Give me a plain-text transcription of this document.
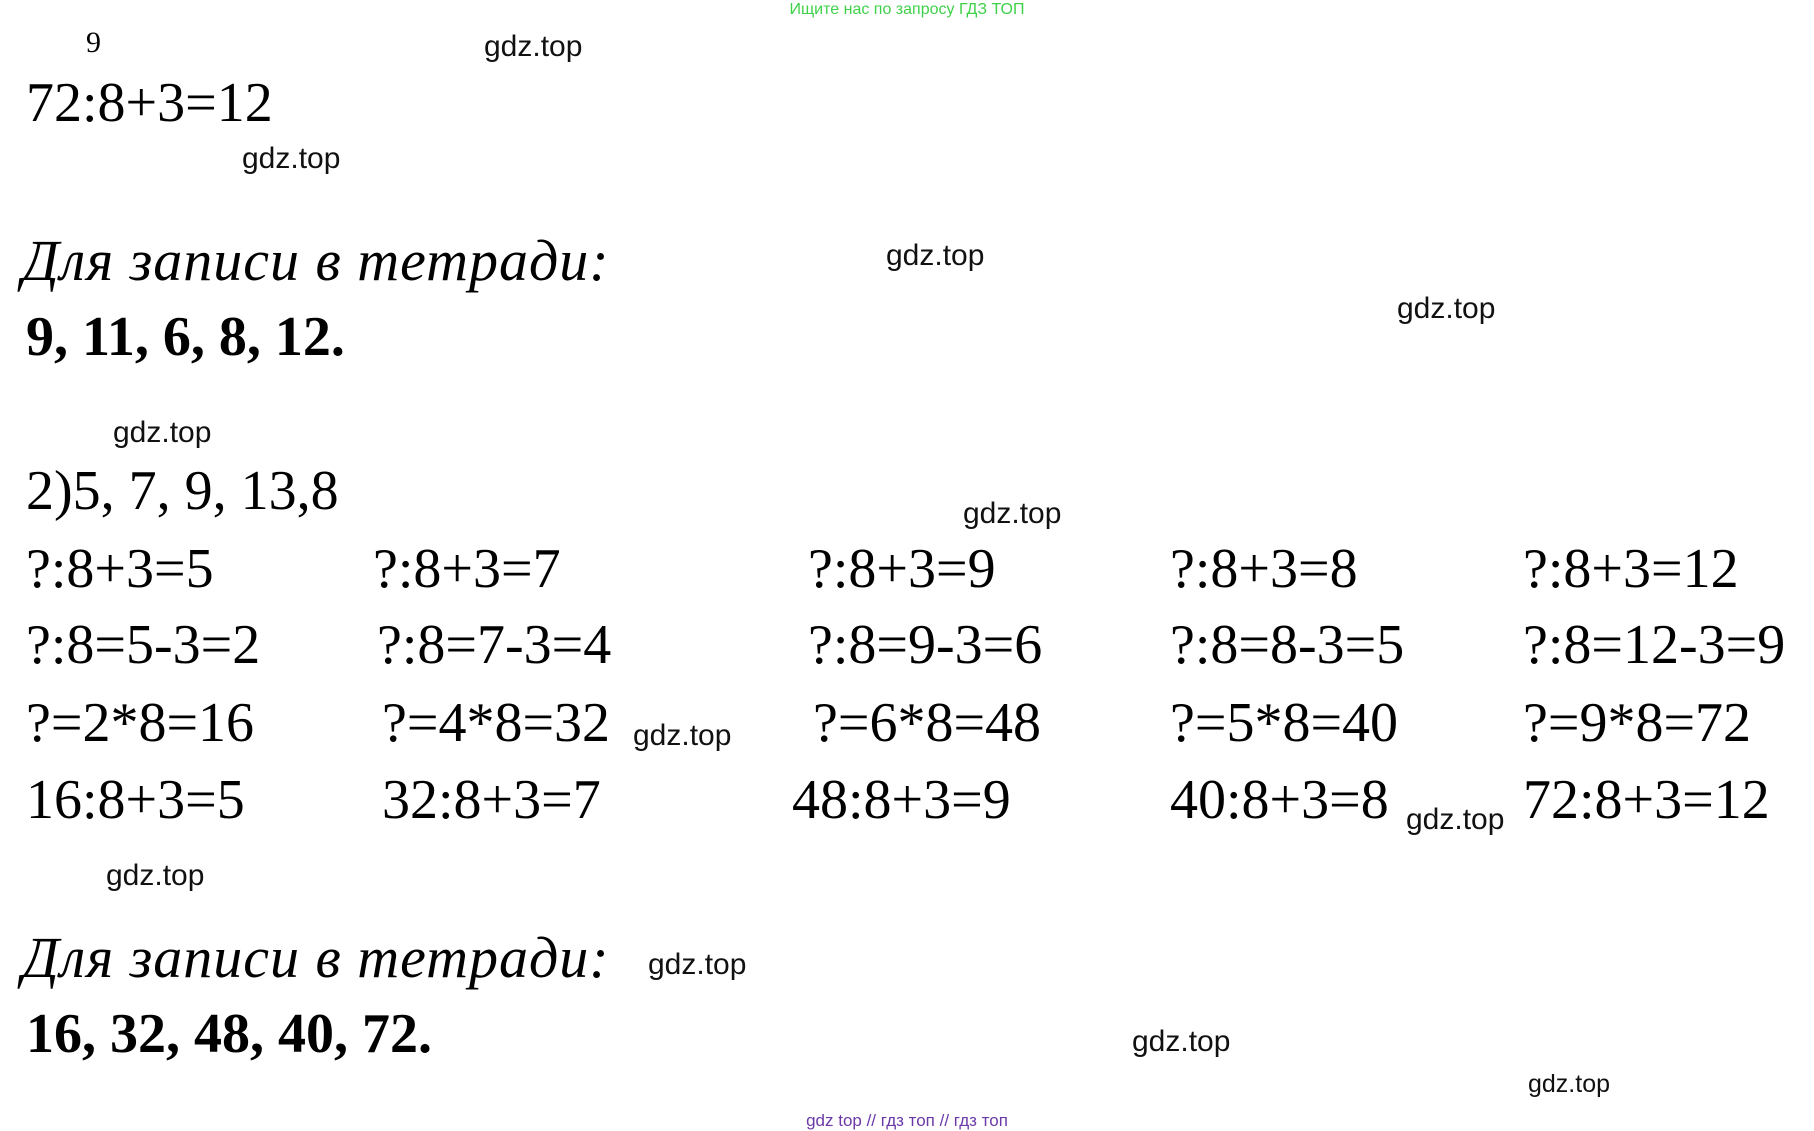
Ищите нас по запросу ГДЗ ТОП
9
72:8+3=12
Для записи в тетради:
9, 11, 6, 8, 12.
2)5, 7, 9, 13,8
?:8+3=5
?:8=5-3=2
?=2*8=16
16:8+3=5
?:8+3=7
?:8=7-3=4
?=4*8=32
32:8+3=7
?:8+3=9
?:8=9-3=6
?=6*8=48
48:8+3=9
?:8+3=8
?:8=8-3=5
?=5*8=40
40:8+3=8
?:8+3=12
?:8=12-3=9
?=9*8=72
72:8+3=12
Для записи в тетради:
16, 32, 48, 40, 72.
gdz.top
gdz.top
gdz.top
gdz.top
gdz.top
gdz.top
gdz.top
gdz.top
gdz.top
gdz.top
gdz.top
gdz.top
gdz top // гдз топ // гдз топ
